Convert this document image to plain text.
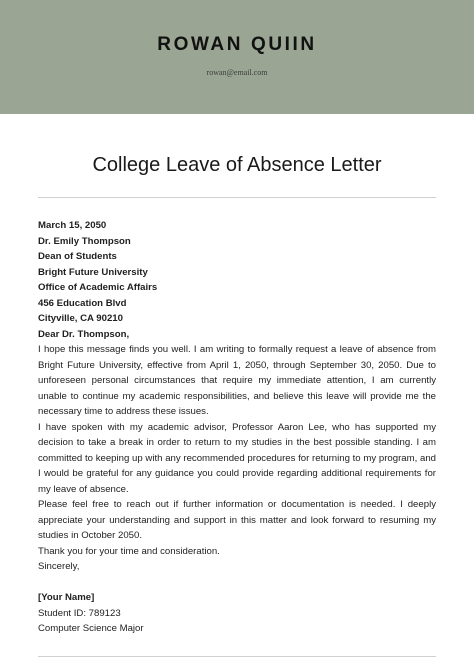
ROWAN QUIIN
rowan@email.com
College Leave of Absence Letter
March 15, 2050
Dr. Emily Thompson
Dean of Students
Bright Future University
Office of Academic Affairs
456 Education Blvd
Cityville, CA 90210
Dear Dr. Thompson,
I hope this message finds you well. I am writing to formally request a leave of absence from Bright Future University, effective from April 1, 2050, through September 30, 2050. Due to unforeseen personal circumstances that require my immediate attention, I am currently unable to continue my academic responsibilities, and believe this leave will provide me the necessary time to address these issues.
I have spoken with my academic advisor, Professor Aaron Lee, who has supported my decision to take a break in order to return to my studies in the best possible standing. I am committed to keeping up with any recommended procedures for returning to my program, and I would be grateful for any guidance you could provide regarding additional requirements for my leave of absence.
Please feel free to reach out if further information or documentation is needed. I deeply appreciate your understanding and support in this matter and look forward to resuming my studies in October 2050.
Thank you for your time and consideration.
Sincerely,
[Your Name]
Student ID: 789123
Computer Science Major
